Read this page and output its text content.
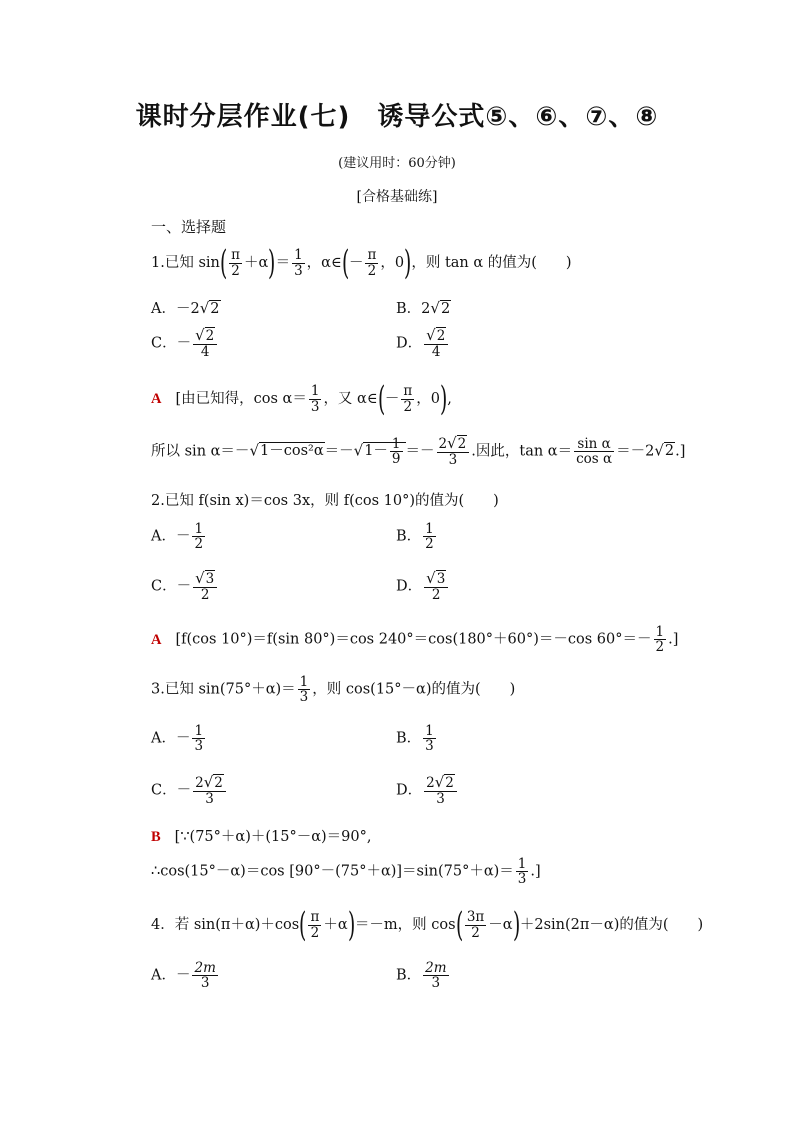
课时分层作业(七)　诱导公式⑤、⑥、⑦、⑧
(建议用时：60分钟)
[合格基础练]
一、选择题
1.已知 $\sin( \frac{\pi}{2} +\alpha)= \frac{1}{3}$ ，α∈(－ $\frac{\pi}{2}$ ，0)，则 tan α 的值为(　　)
A．－2√2	B．2√2
C．－ $\frac{√2}{4}$	D． $\frac{√2}{4}$
A [由已知得，$\cos \alpha= \frac{1}{3}$ ，又 α∈(－ $\frac{\pi}{2}$ ，0),
所以 $\sin \alpha=-√1-\cos^2\alpha=-√1- \frac{1}{9} =- \frac{2√2}{3}$ .因此，$\tan \alpha= \frac{\text{sin α}}{\text{cos α}} =-2√2$.]
2.已知 f(sin x)＝cos 3x，则 f(cos 10°)的值为(　　)
A．－ $\frac{1}{2}$	B． $\frac{1}{2}$
C．－ $\frac{√3}{2}$	D． $\frac{√3}{2}$
A [f(cos 10°)＝f(sin 80°)＝cos 240°＝cos(180°＋60°)＝－cos $60^\circ=- \frac{1}{2}$ .]
3.已知 $\sin(75^\circ+\alpha)= \frac{1}{3}$ ，则 cos(15°－α)的值为(　　)
A．－ $\frac{1}{3}$	B． $\frac{1}{3}$
C．－ $\frac{2√2}{3}$	D． $\frac{2√2}{3}$
B [∵(75°＋α)＋(15°－α)＝90°,
∴cos(15°－α)＝cos $[90^\circ-(75^\circ+\alpha)]=\sin(75^\circ+\alpha)= \frac{1}{3}$ .]
4．若 $\sin(\pi+\alpha)+\cos( \frac{\pi}{2} +\alpha)=-m$，则 $\cos( \frac{3\pi}{2} -\alpha)+2\sin(2\pi-\alpha)$的值为(　　)
A．－ $\frac{2m}{3}$	B． $\frac{2m}{3}$
